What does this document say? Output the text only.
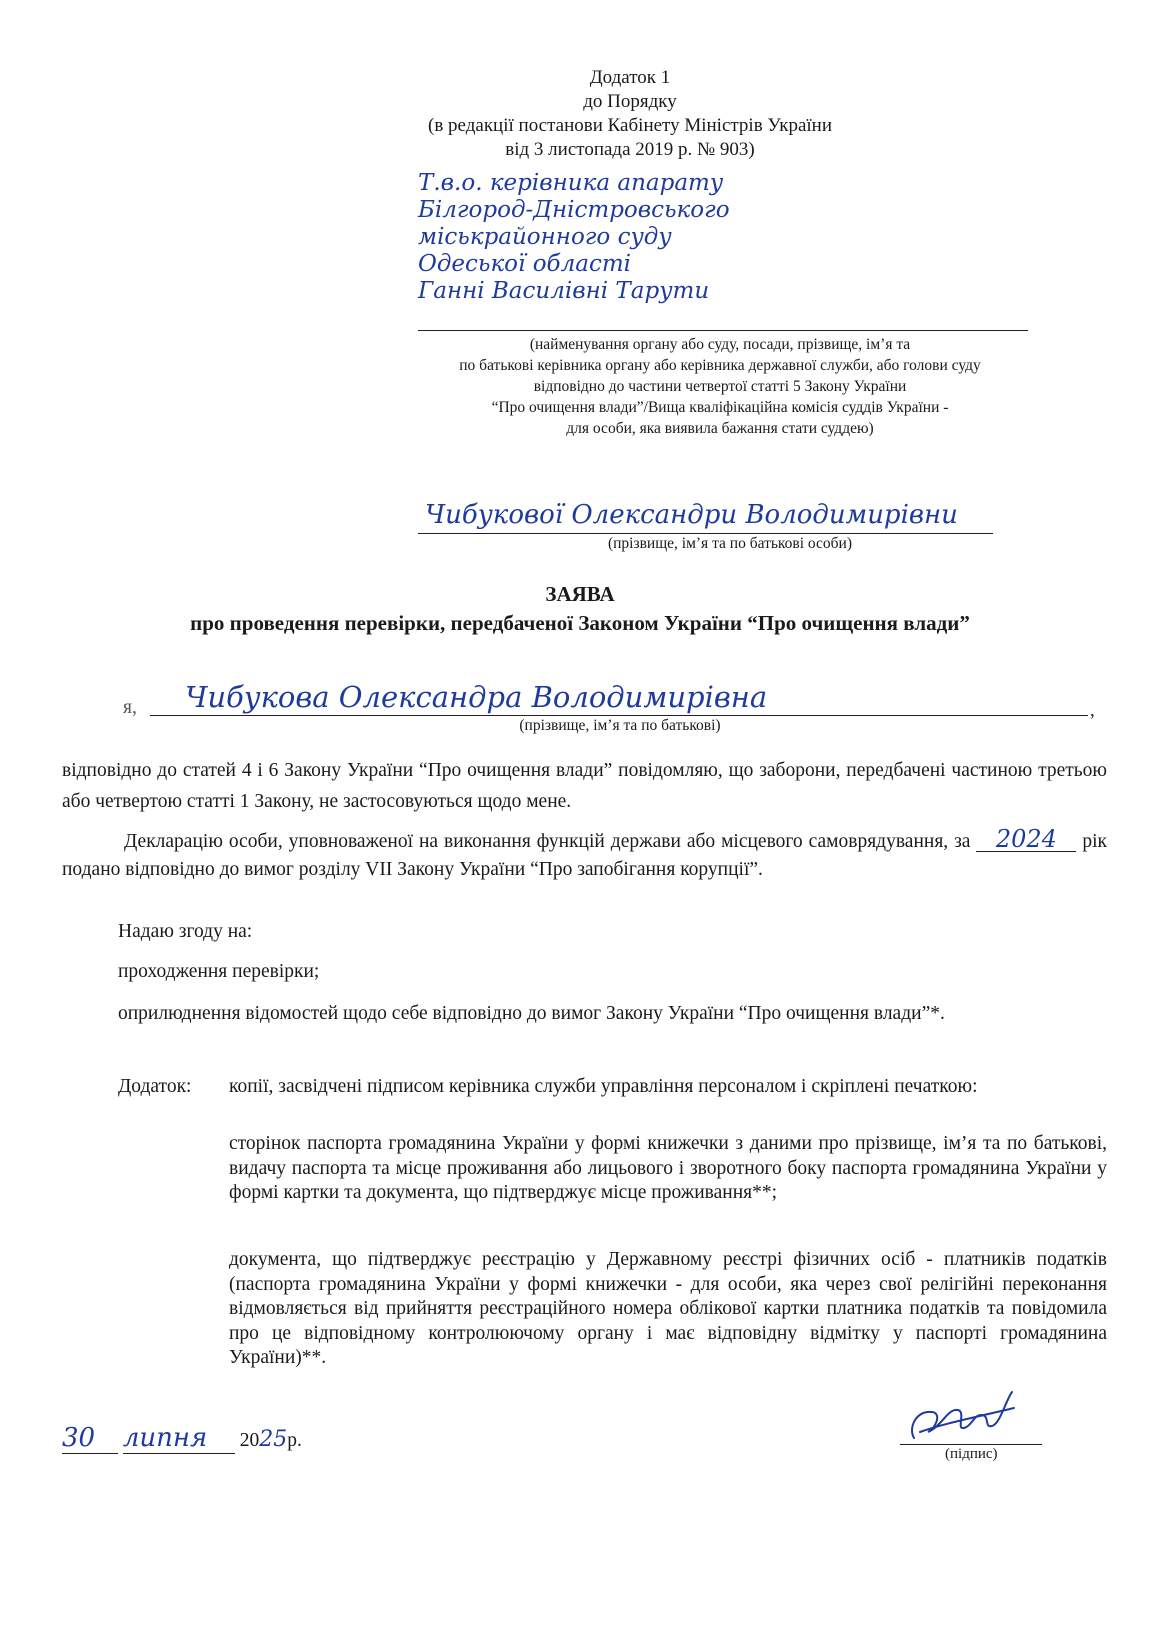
Додаток 1
до Порядку
(в редакції постанови Кабінету Міністрів України
від 3 листопада 2019 р. № 903)
Т.в.о. керівника апарату
Білгород-Дністровського
міськрайонного суду
Одеської області
Ганні Василівні Тарути
(найменування органу або суду, посади, прізвище, ім’я та
по батькові керівника органу або керівника державної служби, або голови суду
відповідно до частини четвертої статті 5 Закону України
“Про очищення влади”/Вища кваліфікаційна комісія суддів України -
для особи, яка виявила бажання стати суддею)
Чибукової Олександри Володимирівни
(прізвище, ім’я та по батькові особи)
ЗАЯВА
про проведення перевірки, передбаченої Законом України “Про очищення влади”
я, Чибукова Олександра Володимирівна
(прізвище, ім’я та по батькові)
,
відповідно до статей 4 і 6 Закону України “Про очищення влади” повідомляю, що заборони, передбачені частиною третьою або четвертою статті 1 Закону, не застосовуються щодо мене.
Декларацію особи, уповноваженої на виконання функцій держави або місцевого самоврядування, за 2024 рік подано відповідно до вимог розділу VII Закону України “Про запобігання корупції”.
Надаю згоду на:
проходження перевірки;
оприлюднення відомостей щодо себе відповідно до вимог Закону України “Про очищення влади”*.
Додаток: копії, засвідчені підписом керівника служби управління персоналом і скріплені печаткою:
сторінок паспорта громадянина України у формі книжечки з даними про прізвище, ім’я та по батькові, видачу паспорта та місце проживання або лицьового і зворотного боку паспорта громадянина України у формі картки та документа, що підтверджує місце проживання**;
документа, що підтверджує реєстрацію у Державному реєстрі фізичних осіб - платників податків (паспорта громадянина України у формі книжечки - для особи, яка через свої релігійні переконання відмовляється від прийняття реєстраційного номера облікової картки платника податків та повідомила про це відповідному контролюючому органу і має відповідну відмітку у паспорті громадянина України)**.
30 липня 2025р.
(підпис)
